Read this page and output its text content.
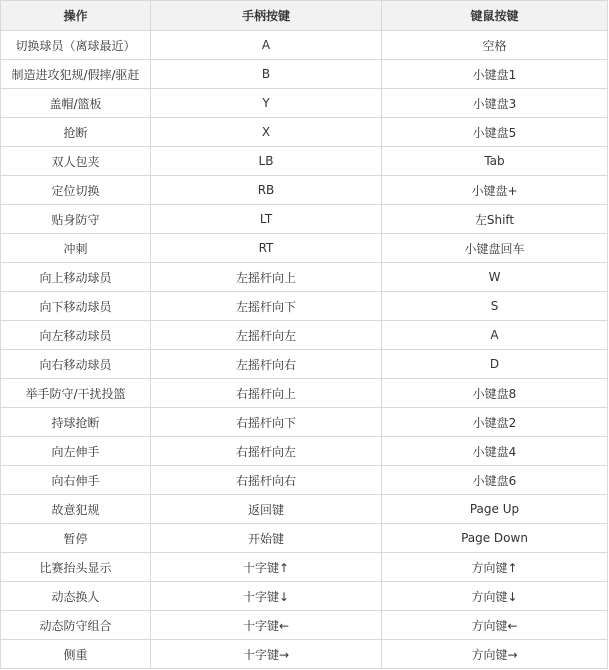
操作	手柄按键	键鼠按键
切换球员（离球最近）	A	空格
制造进攻犯规/假摔/驱赶	B	小键盘1
盖帽/篮板	Y	小键盘3
抢断	X	小键盘5
双人包夹	LB	Tab
定位切换	RB	小键盘+
贴身防守	LT	左Shift
冲刺	RT	小键盘回车
向上移动球员	左摇杆向上	W
向下移动球员	左摇杆向下	S
向左移动球员	左摇杆向左	A
向右移动球员	左摇杆向右	D
举手防守/干扰投篮	右摇杆向上	小键盘8
持球抢断	右摇杆向下	小键盘2
向左伸手	右摇杆向左	小键盘4
向右伸手	右摇杆向右	小键盘6
故意犯规	返回键	Page Up
暂停	开始键	Page Down
比赛抬头显示	十字键↑	方向键↑
动态换人	十字键↓	方向键↓
动态防守组合	十字键←	方向键←
侧重	十字键→	方向键→
